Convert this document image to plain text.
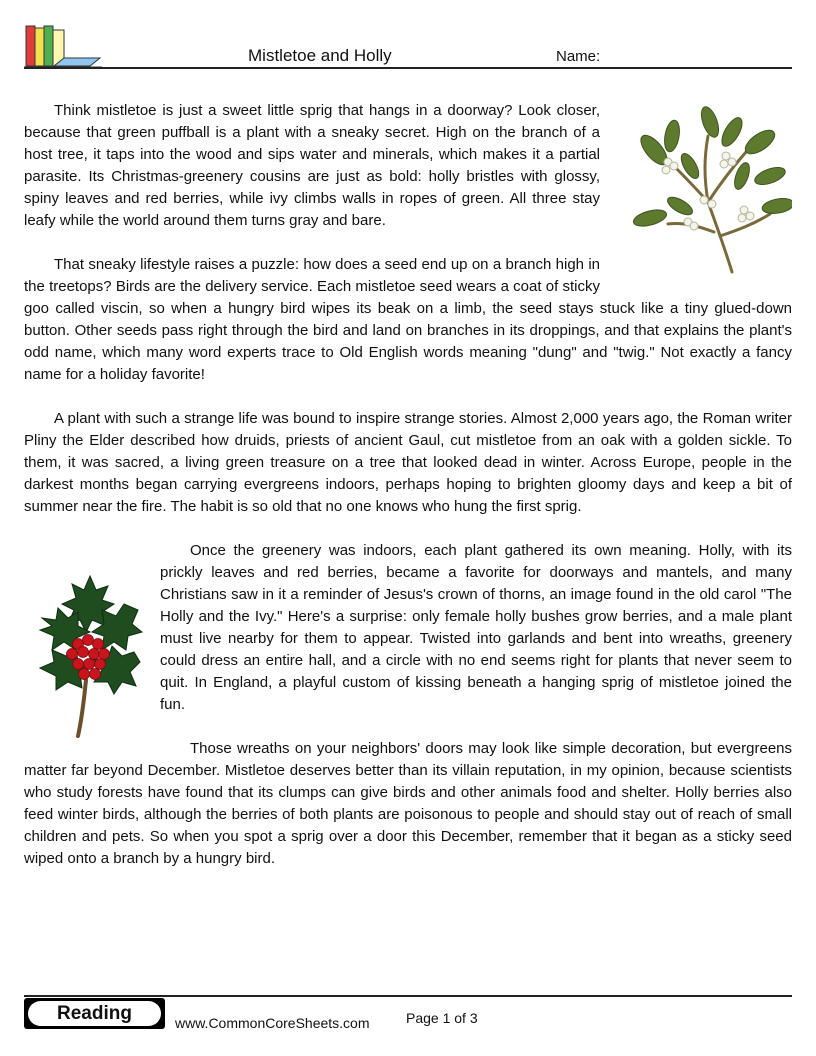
Mistletoe and Holly	Name:

Think mistletoe is just a sweet little sprig that hangs in a doorway? Look closer, because that green puffball is a plant with a sneaky secret. High on the branch of a host tree, it taps into the wood and sips water and minerals, which makes it a partial parasite. Its Christmas-greenery cousins are just as bold: holly bristles with glossy, spiny leaves and red berries, while ivy climbs walls in ropes of green. All three stay leafy while the world around them turns gray and bare.

That sneaky lifestyle raises a puzzle: how does a seed end up on a branch high in the treetops? Birds are the delivery service. Each mistletoe seed wears a coat of sticky goo called viscin, so when a hungry bird wipes its beak on a limb, the seed stays stuck like a tiny glued-down button. Other seeds pass right through the bird and land on branches in its droppings, and that explains the plant's odd name, which many word experts trace to Old English words meaning "dung" and "twig." Not exactly a fancy name for a holiday favorite!

A plant with such a strange life was bound to inspire strange stories. Almost 2,000 years ago, the Roman writer Pliny the Elder described how druids, priests of ancient Gaul, cut mistletoe from an oak with a golden sickle. To them, it was sacred, a living green treasure on a tree that looked dead in winter. Across Europe, people in the darkest months began carrying evergreens indoors, perhaps hoping to brighten gloomy days and keep a bit of summer near the fire. The habit is so old that no one knows who hung the first sprig.

Once the greenery was indoors, each plant gathered its own meaning. Holly, with its prickly leaves and red berries, became a favorite for doorways and mantels, and many Christians saw in it a reminder of Jesus's crown of thorns, an image found in the old carol "The Holly and the Ivy." Here's a surprise: only female holly bushes grow berries, and a male plant must live nearby for them to appear. Twisted into garlands and bent into wreaths, greenery could dress an entire hall, and a circle with no end seems right for plants that never seem to quit. In England, a playful custom of kissing beneath a hanging sprig of mistletoe joined the fun.

Those wreaths on your neighbors' doors may look like simple decoration, but evergreens matter far beyond December. Mistletoe deserves better than its villain reputation, in my opinion, because scientists who study forests have found that its clumps can give birds and other animals food and shelter. Holly berries also feed winter birds, although the berries of both plants are poisonous to people and should stay out of reach of small children and pets. So when you spot a sprig over a door this December, remember that it began as a sticky seed wiped onto a branch by a hungry bird.

Reading	www.CommonCoreSheets.com	Page 1 of 3
